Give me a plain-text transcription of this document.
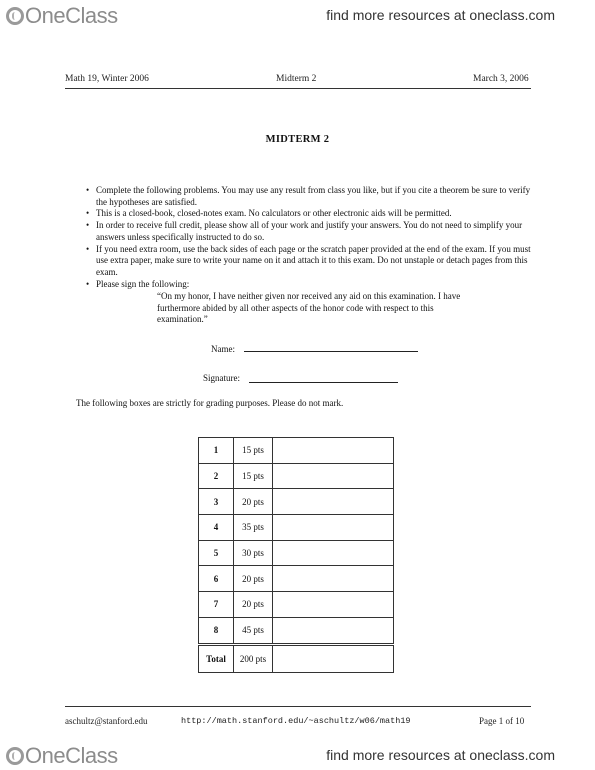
OneClass	find more resources at oneclass.com
Math 19, Winter 2006	Midterm 2	March 3, 2006
MIDTERM 2
• Complete the following problems. You may use any result from class you like, but if you cite a theorem be sure to verify the hypotheses are satisfied.
• This is a closed-book, closed-notes exam. No calculators or other electronic aids will be permitted.
• In order to receive full credit, please show all of your work and justify your answers. You do not need to simplify your answers unless specifically instructed to do so.
• If you need extra room, use the back sides of each page or the scratch paper provided at the end of the exam. If you must use extra paper, make sure to write your name on it and attach it to this exam. Do not unstaple or detach pages from this exam.
• Please sign the following:
“On my honor, I have neither given nor received any aid on this examination. I have furthermore abided by all other aspects of the honor code with respect to this examination.”
Name:
Signature:
The following boxes are strictly for grading purposes. Please do not mark.
1	15 pts	
2	15 pts	
3	20 pts	
4	35 pts	
5	30 pts	
6	20 pts	
7	20 pts	
8	45 pts	
Total	200 pts	
aschultz@stanford.edu	http://math.stanford.edu/~aschultz/w06/math19	Page 1 of 10
OneClass	find more resources at oneclass.com
